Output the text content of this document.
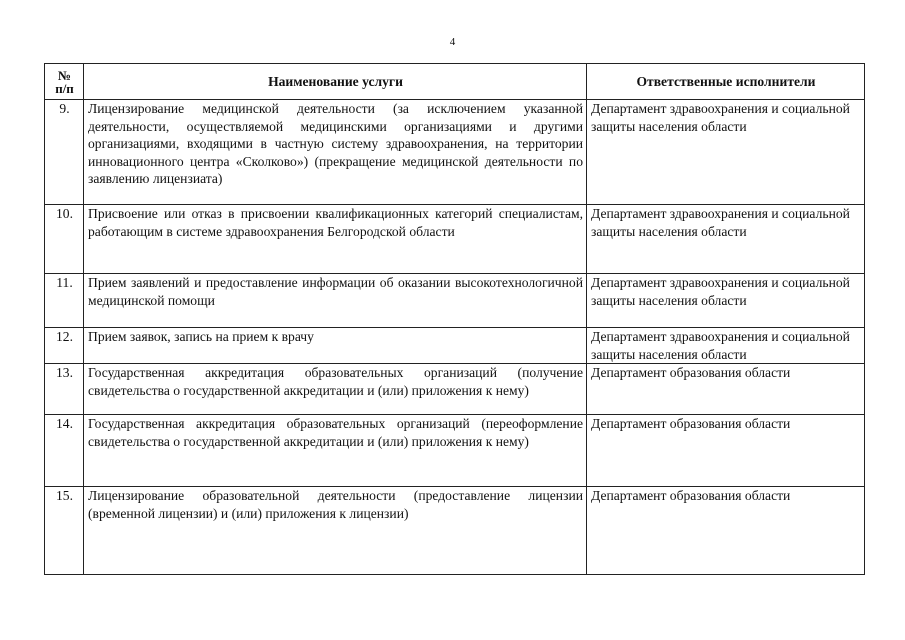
4
№
п/п	Наименование услуги	Ответственные исполнители
9.	Лицензирование медицинской деятельности (за исключением указанной деятельности, осуществляемой медицинскими организациями и другими организациями, входящими в частную систему здравоохранения, на территории инновационного центра «Сколково») (прекращение медицинской деятельности по заявлению лицензиата)	Департамент здравоохранения и социальной защиты населения области
10.	Присвоение или отказ в присвоении квалификационных категорий специалистам, работающим в системе здравоохранения Белгородской области	Департамент здравоохранения и социальной защиты населения области
11.	Прием заявлений и предоставление информации об оказании высокотехнологичной медицинской помощи	Департамент здравоохранения и социальной защиты населения области
12.	Прием заявок, запись на прием к врачу	Департамент здравоохранения и социальной защиты населения области
13.	Государственная аккредитация образовательных организаций (получение свидетельства о государственной аккредитации и (или) приложения к нему)	Департамент образования области
14.	Государственная аккредитация образовательных организаций (переоформление свидетельства о государственной аккредитации и (или) приложения к нему)	Департамент образования области
15.	Лицензирование образовательной деятельности (предоставление лицензии (временной лицензии) и (или) приложения к лицензии)	Департамент образования области
